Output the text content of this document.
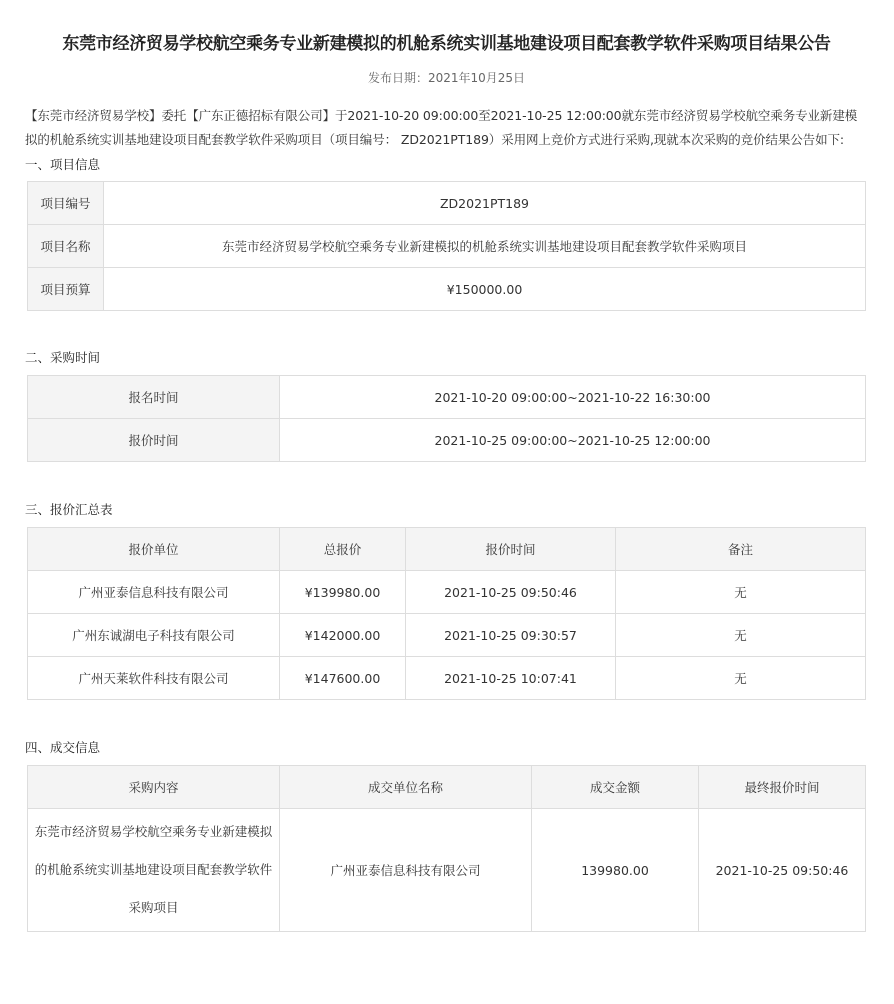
东莞市经济贸易学校航空乘务专业新建模拟的机舱系统实训基地建设项目配套教学软件采购项目结果公告
发布日期：2021年10月25日
【东莞市经济贸易学校】委托【广东正德招标有限公司】于2021-10-20 09:00:00至2021-10-25 12:00:00就东莞市经济贸易学校航空乘务专业新建模拟的机舱系统实训基地建设项目配套教学软件采购项目（项目编号： ZD2021PT189）采用网上竞价方式进行采购,现就本次采购的竞价结果公告如下:
一、项目信息
项目编号	ZD2021PT189
项目名称	东莞市经济贸易学校航空乘务专业新建模拟的机舱系统实训基地建设项目配套教学软件采购项目
项目预算	¥150000.00
二、采购时间
报名时间	2021-10-20 09:00:00~2021-10-22 16:30:00
报价时间	2021-10-25 09:00:00~2021-10-25 12:00:00
三、报价汇总表
报价单位	总报价	报价时间	备注
广州亚泰信息科技有限公司	¥139980.00	2021-10-25 09:50:46	无
广州东诚湖电子科技有限公司	¥142000.00	2021-10-25 09:30:57	无
广州天莱软件科技有限公司	¥147600.00	2021-10-25 10:07:41	无
四、成交信息
采购内容	成交单位名称	成交金额	最终报价时间
东莞市经济贸易学校航空乘务专业新建模拟的机舱系统实训基地建设项目配套教学软件采购项目	广州亚泰信息科技有限公司	139980.00	2021-10-25 09:50:46
